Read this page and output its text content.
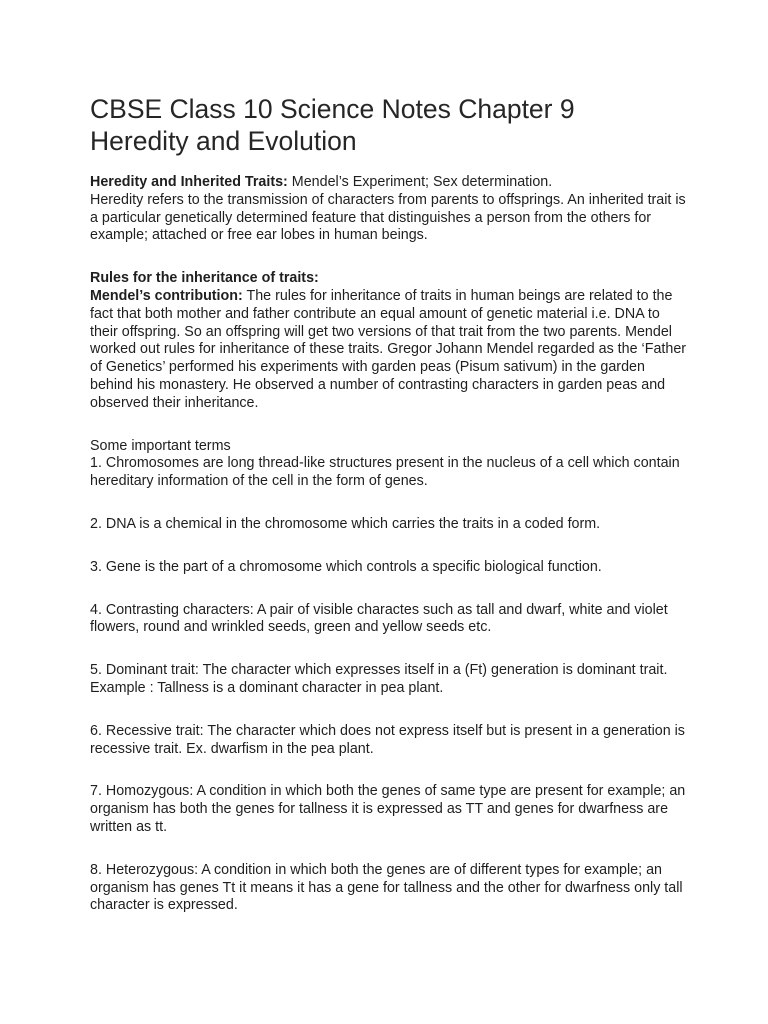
CBSE Class 10 Science Notes Chapter 9
Heredity and Evolution

Heredity and Inherited Traits: Mendel’s Experiment; Sex determination.
Heredity refers to the transmission of characters from parents to offsprings. An inherited trait is a particular genetically determined feature that distinguishes a person from the others for example; attached or free ear lobes in human beings.

Rules for the inheritance of traits:
Mendel’s contribution: The rules for inheritance of traits in human beings are related to the fact that both mother and father contribute an equal amount of genetic material i.e. DNA to their offspring. So an offspring will get two versions of that trait from the two parents. Mendel worked out rules for inheritance of these traits. Gregor Johann Mendel regarded as the ‘Father of Genetics’ performed his experiments with garden peas (Pisum sativum) in the garden behind his monastery. He observed a number of contrasting characters in garden peas and observed their inheritance.

Some important terms

1. Chromosomes are long thread-like structures present in the nucleus of a cell which contain hereditary information of the cell in the form of genes.

2. DNA is a chemical in the chromosome which carries the traits in a coded form.

3. Gene is the part of a chromosome which controls a specific biological function.

4. Contrasting characters: A pair of visible charactes such as tall and dwarf, white and violet flowers, round and wrinkled seeds, green and yellow seeds etc.

5. Dominant trait: The character which expresses itself in a (Ft) generation is dominant trait. Example : Tallness is a dominant character in pea plant.

6. Recessive trait: The character which does not express itself but is present in a generation is recessive trait. Ex. dwarfism in the pea plant.

7. Homozygous: A condition in which both the genes of same type are present for example; an organism has both the genes for tallness it is expressed as TT and genes for dwarfness are written as tt.

8. Heterozygous: A condition in which both the genes are of different types for example; an organism has genes Tt it means it has a gene for tallness and the other for dwarfness only tall character is expressed.
